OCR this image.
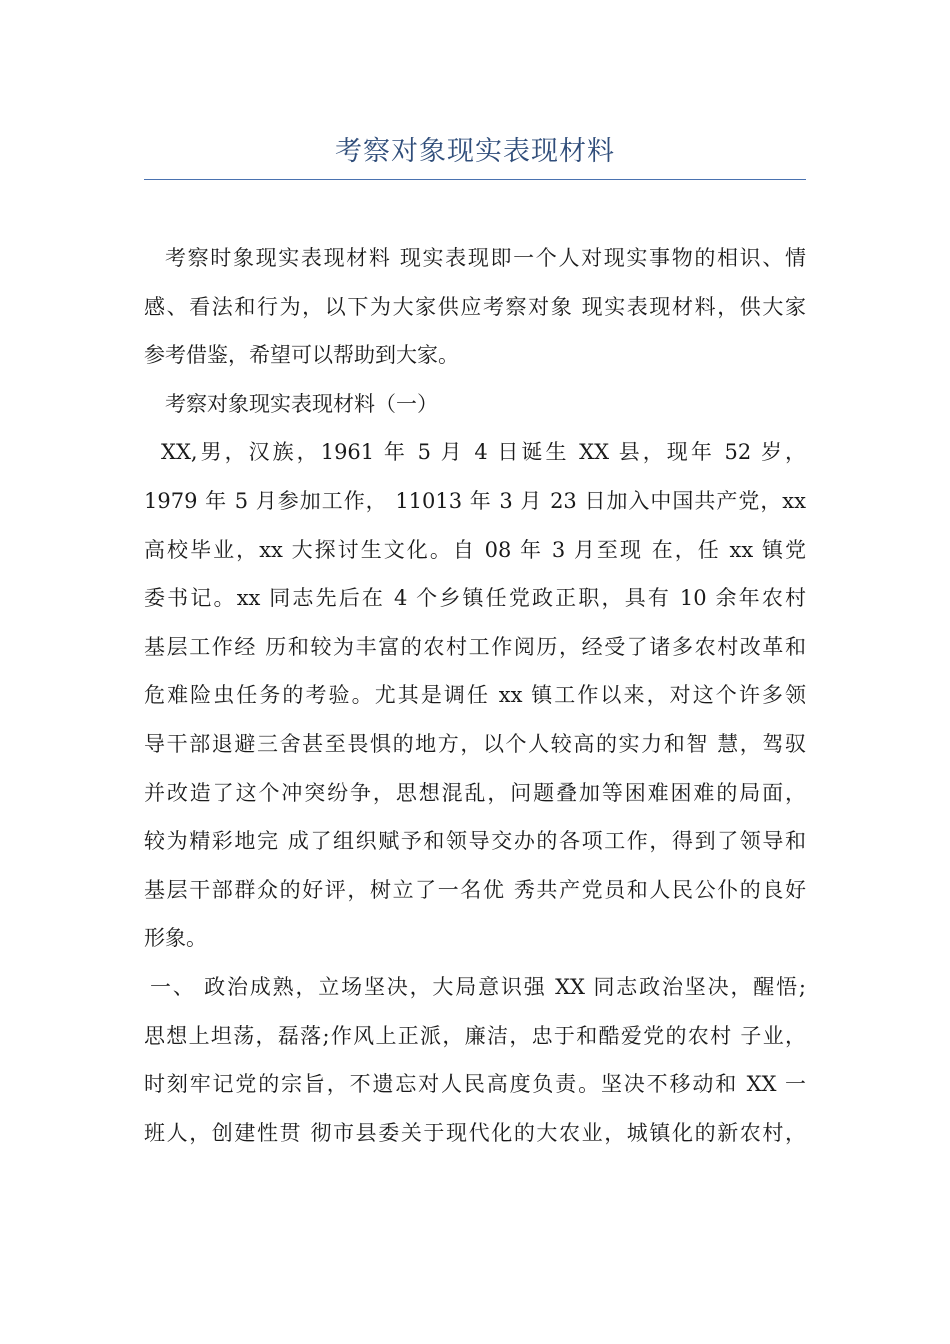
考察对象现实表现材料
考察时象现实表现材料 现实表现即一个人对现实事物的相识、情
感、看法和行为，以下为大家供应考察对象 现实表现材料，供大家
参考借鉴，希望可以帮助到大家。
考察对象现实表现材料（一）
XX,男，汉族，1961 年 5 月 4 日诞生 XX 县，现年 52 岁，
1979 年 5 月参加工作， 11013 年 3 月 23 日加入中国共产党，xx
高校毕业，xx 大探讨生文化。自 08 年 3 月至现 在，任 xx 镇党
委书记。xx 同志先后在 4 个乡镇任党政正职，具有 10 余年农村
基层工作经 历和较为丰富的农村工作阅历，经受了诸多农村改革和
危难险虫任务的考验。尤其是调任 xx 镇工作以来，对这个许多领
导干部退避三舍甚至畏惧的地方，以个人较高的实力和智 慧，驾驭
并改造了这个冲突纷争，思想混乱，问题叠加等困难困难的局面，
较为精彩地完 成了组织赋予和领导交办的各项工作，得到了领导和
基层干部群众的好评，树立了一名优 秀共产党员和人民公仆的良好
形象。
一、 政治成熟，立场坚决，大局意识强 XX 同志政治坚决，醒悟;
思想上坦荡，磊落;作风上正派，廉洁，忠于和酷爱党的农村 子业，
时刻牢记党的宗旨，不遗忘对人民高度负责。坚决不移动和 XX 一
班人，创建性贯 彻市县委关于现代化的大农业，城镇化的新农村，
